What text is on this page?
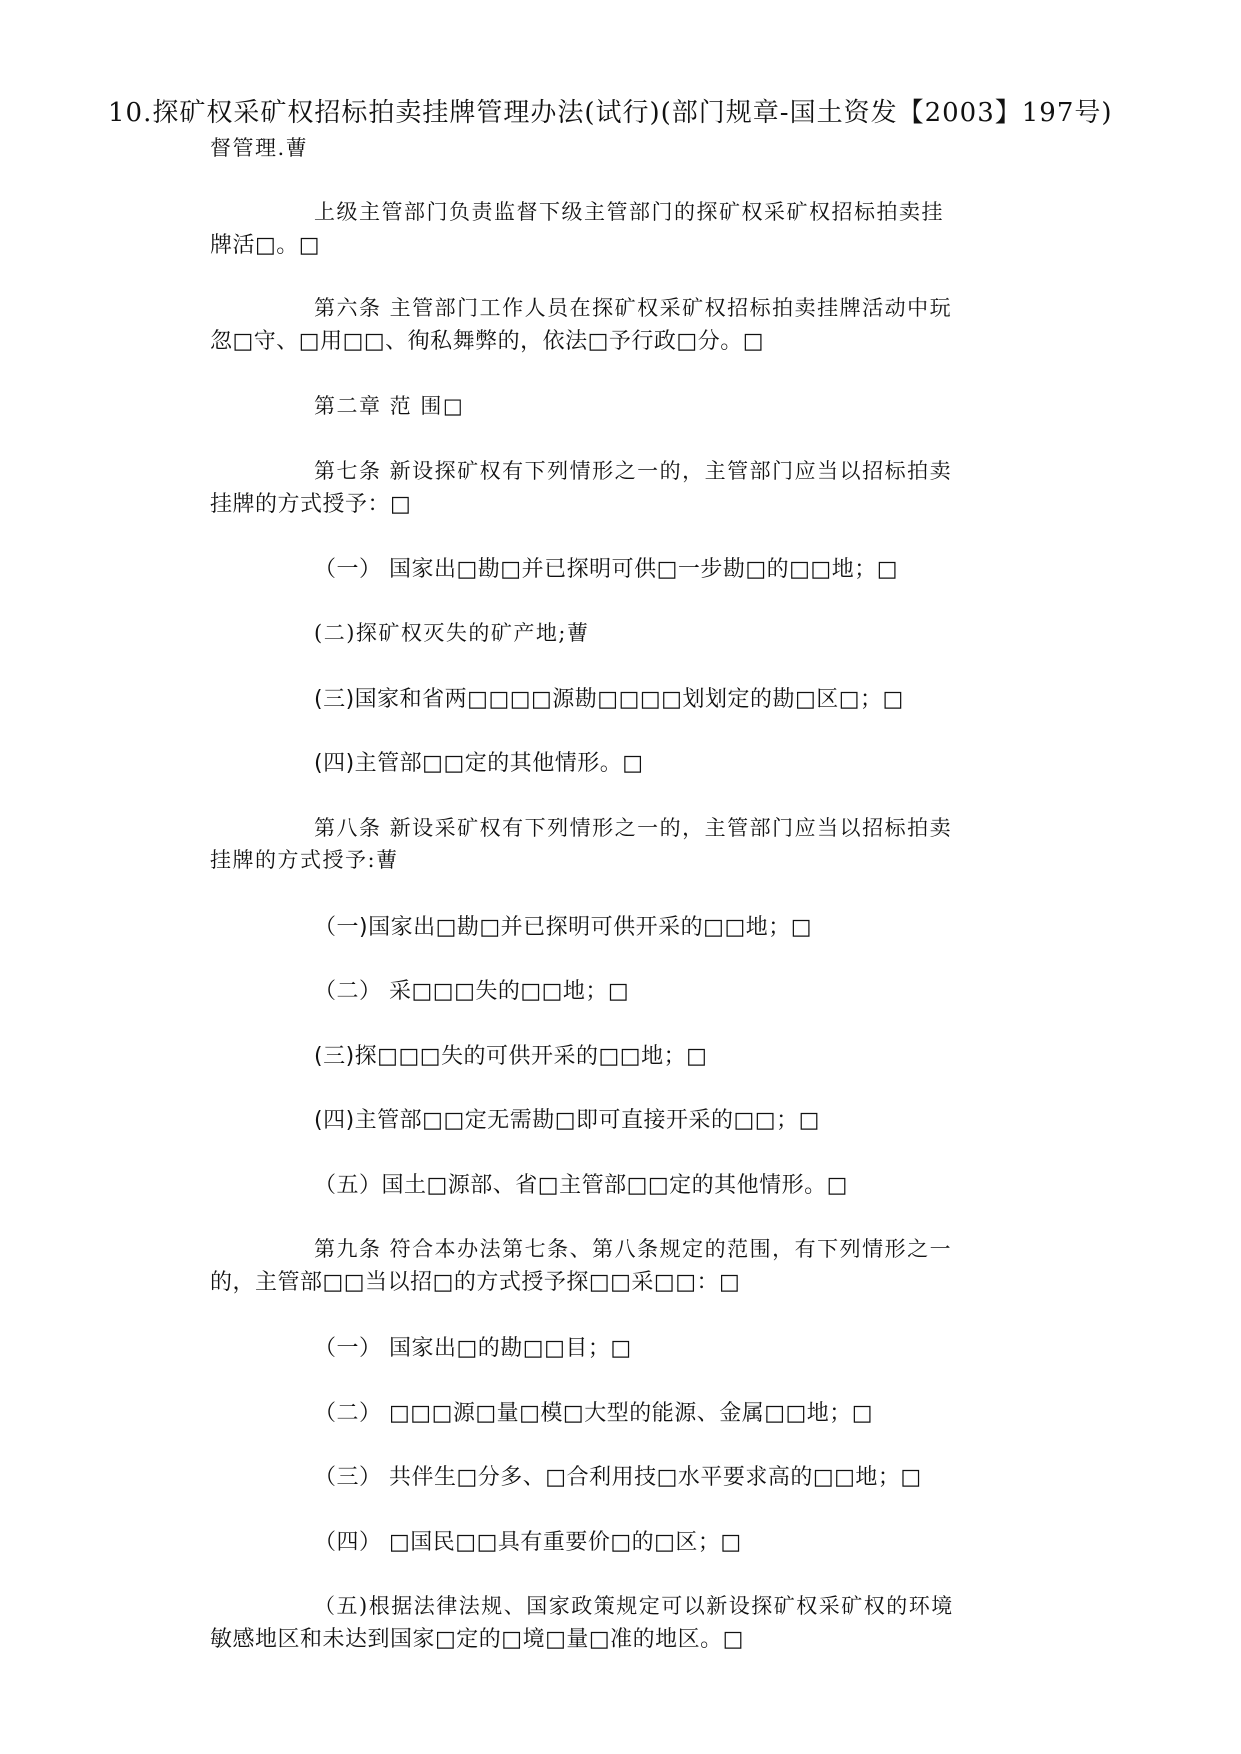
10.探矿权采矿权招标拍卖挂牌管理办法(试行)(部门规章-国土资发【2003】197号)
督管理.蓸
上级主管部门负责监督下级主管部门的探矿权采矿权招标拍卖挂
牌活□。□
第六条 主管部门工作人员在探矿权采矿权招标拍卖挂牌活动中玩
忽□守、□用□□、徇私舞弊的，依法□予行政□分。□
第二章 范 围□
第七条 新设探矿权有下列情形之一的，主管部门应当以招标拍卖
挂牌的方式授予：□
（一） 国家出□勘□并已探明可供□一步勘□的□□地；□
(二)探矿权灭失的矿产地;蓸
(三)国家和省两□□□□源勘□□□□划划定的勘□区□；□
(四)主管部□□定的其他情形。□
第八条 新设采矿权有下列情形之一的，主管部门应当以招标拍卖
挂牌的方式授予:蓸
（一)国家出□勘□并已探明可供开采的□□地；□
（二） 采□□□失的□□地；□
(三)探□□□失的可供开采的□□地；□
(四)主管部□□定无需勘□即可直接开采的□□；□
（五）国土□源部、省□主管部□□定的其他情形。□
第九条 符合本办法第七条、第八条规定的范围，有下列情形之一
的，主管部□□当以招□的方式授予探□□采□□：□
（一） 国家出□的勘□□目；□
（二） □□□源□量□模□大型的能源、金属□□地；□
（三） 共伴生□分多、□合利用技□水平要求高的□□地；□
（四） □国民□□具有重要价□的□区；□
（五)根据法律法规、国家政策规定可以新设探矿权采矿权的环境
敏感地区和未达到国家□定的□境□量□准的地区。□
